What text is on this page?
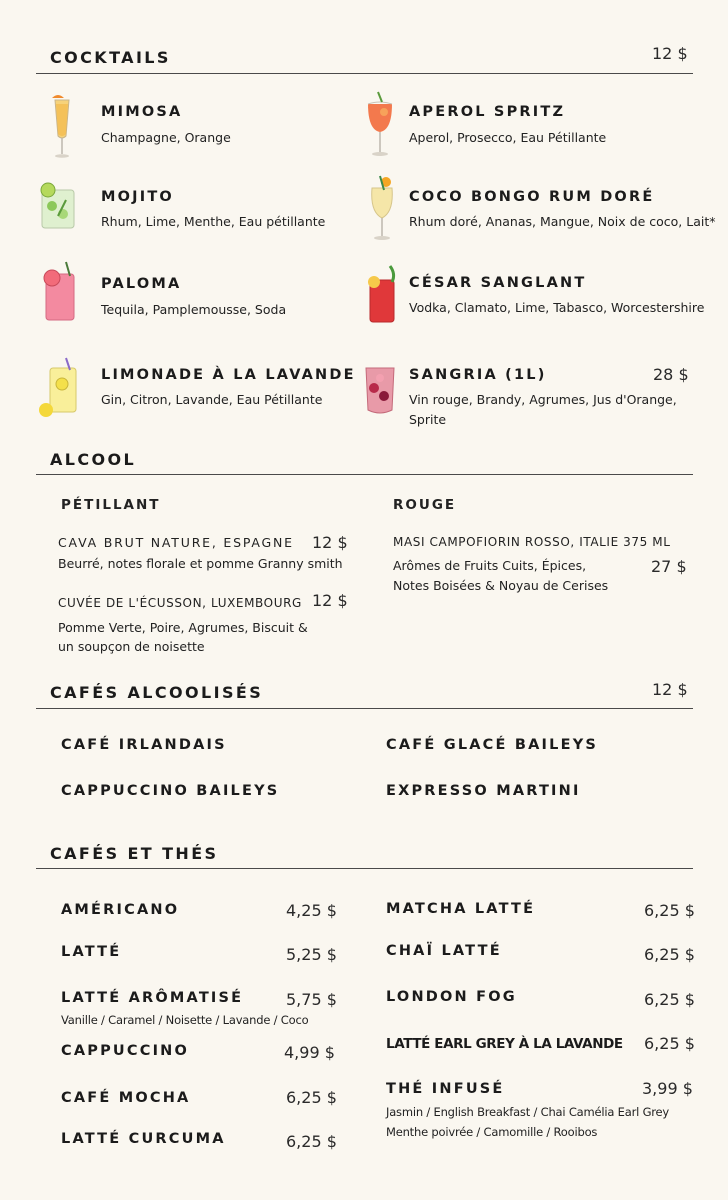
COCKTAILS	12 $
MIMOSA
Champagne, Orange
APEROL SPRITZ
Aperol, Prosecco, Eau Pétillante
MOJITO
Rhum, Lime, Menthe, Eau pétillante
COCO BONGO RUM DORÉ
Rhum doré, Ananas, Mangue, Noix de coco, Lait*
PALOMA
Tequila, Pamplemousse, Soda
CÉSAR SANGLANT
Vodka, Clamato, Lime, Tabasco, Worcestershire
LIMONADE À LA LAVANDE
Gin, Citron, Lavande, Eau Pétillante
SANGRIA (1L)	28 $
Vin rouge, Brandy, Agrumes, Jus d'Orange,
Sprite
ALCOOL
PÉTILLANT
CAVA BRUT NATURE, ESPAGNE 12 $
Beurré, notes florale et pomme Granny smith
CUVÉE DE L'ÉCUSSON, LUXEMBOURG 12 $
Pomme Verte, Poire, Agrumes, Biscuit &
un soupçon de noisette
ROUGE
MASI CAMPOFIORIN ROSSO, ITALIE 375 ML
27 $
Arômes de Fruits Cuits, Épices,
Notes Boisées & Noyau de Cerises
CAFÉS ALCOOLISÉS	12 $
CAFÉ IRLANDAIS	CAFÉ GLACÉ BAILEYS
CAPPUCCINO BAILEYS	EXPRESSO MARTINI
CAFÉS ET THÉS
AMÉRICANO	4,25 $
LATTÉ	5,25 $
LATTÉ ARÔMATISÉ	5,75 $
Vanille / Caramel / Noisette / Lavande / Coco
CAPPUCCINO	4,99 $
CAFÉ MOCHA	6,25 $
LATTÉ CURCUMA	6,25 $
MATCHA LATTÉ	6,25 $
CHAÏ LATTÉ	6,25 $
LONDON FOG	6,25 $
LATTÉ EARL GREY À LA LAVANDE 6,25 $
THÉ INFUSÉ	3,99 $
Jasmin / English Breakfast / Chai Camélia Earl Grey
Menthe poivrée / Camomille / Rooibos
